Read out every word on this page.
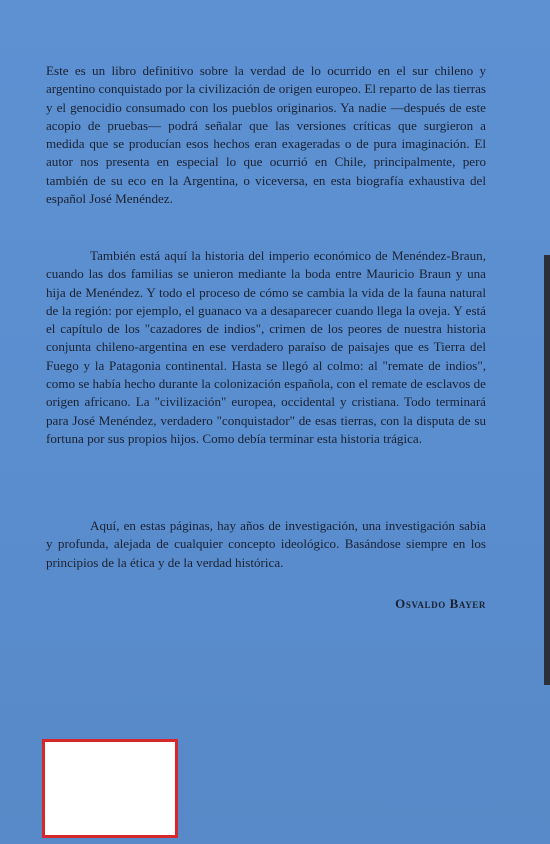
Este es un libro definitivo sobre la verdad de lo ocurrido en el sur chileno y argentino conquistado por la civilización de origen europeo. El reparto de las tierras y el genocidio consumado con los pueblos originarios. Ya nadie —después de este acopio de pruebas— podrá señalar que las versiones críticas que surgieron a medida que se producían esos hechos eran exageradas o de pura imaginación. El autor nos presenta en especial lo que ocurrió en Chile, principalmente, pero también de su eco en la Argentina, o viceversa, en esta biografía exhaustiva del español José Menéndez.

También está aquí la historia del imperio económico de Menéndez-Braun, cuando las dos familias se unieron mediante la boda entre Mauricio Braun y una hija de Menéndez. Y todo el proceso de cómo se cambia la vida de la fauna natural de la región: por ejemplo, el guanaco va a desaparecer cuando llega la oveja. Y está el capítulo de los "cazadores de indios", crimen de los peores de nuestra historia conjunta chileno-argentina en ese verdadero paraíso de paisajes que es Tierra del Fuego y la Patagonia continental. Hasta se llegó al colmo: al "remate de indios", como se había hecho durante la colonización española, con el remate de esclavos de origen africano. La "civilización" europea, occidental y cristiana. Todo terminará para José Menéndez, verdadero "conquistador" de esas tierras, con la disputa de su fortuna por sus propios hijos. Como debía terminar esta historia trágica.

Aquí, en estas páginas, hay años de investigación, una investigación sabia y profunda, alejada de cualquier concepto ideológico. Basándose siempre en los principios de la ética y de la verdad histórica.

Osvaldo Bayer
